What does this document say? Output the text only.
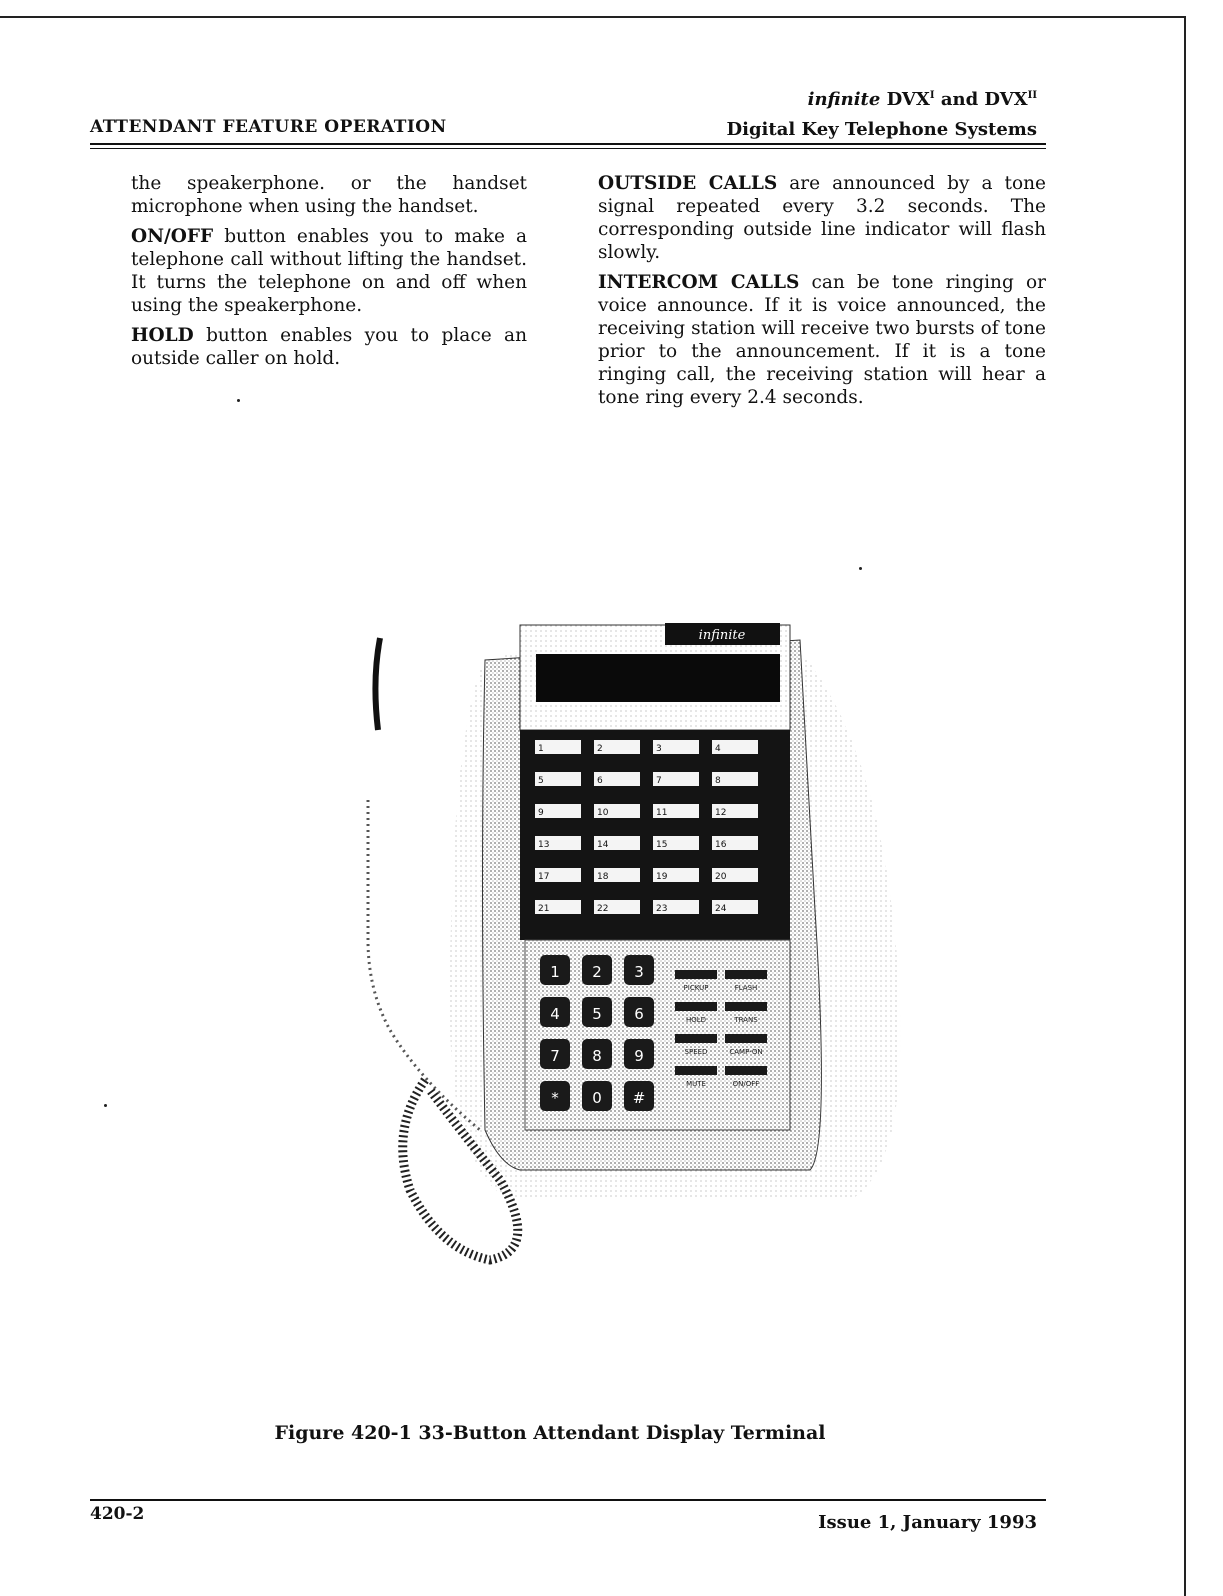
ATTENDANT FEATURE OPERATION
infinite $DVX^I$ and $DVX^{II}$
Digital Key Telephone Systems

the speakerphone. or the handset microphone when using the handset.

ON/OFF button enables you to make a telephone call without lifting the handset. It turns the telephone on and off when using the speakerphone.

HOLD button enables you to place an outside caller on hold.

OUTSIDE CALLS are announced by a tone signal repeated every 3.2 seconds. The corresponding outside line indicator will flash slowly.

INTERCOM CALLS can be tone ringing or voice announce. If it is voice announced, the receiving station will receive two bursts of tone prior to the announcement. If it is a tone ringing call, the receiving station will hear a tone ring every 2.4 seconds.

infinite
1	2	3	4
5	6	7	8
9	10	11	12
13	14	15	16
17	18	19	20
21	22	23	24
1 2 3
4 5 6
7 8 9
* 0 #
PICKUP	FLASH
HOLD	TRANS
SPEED	CAMP-ON
MUTE	ON/OFF
Figure 420-1 33-Button Attendant Display Terminal
420-2	Issue 1, January 1993
